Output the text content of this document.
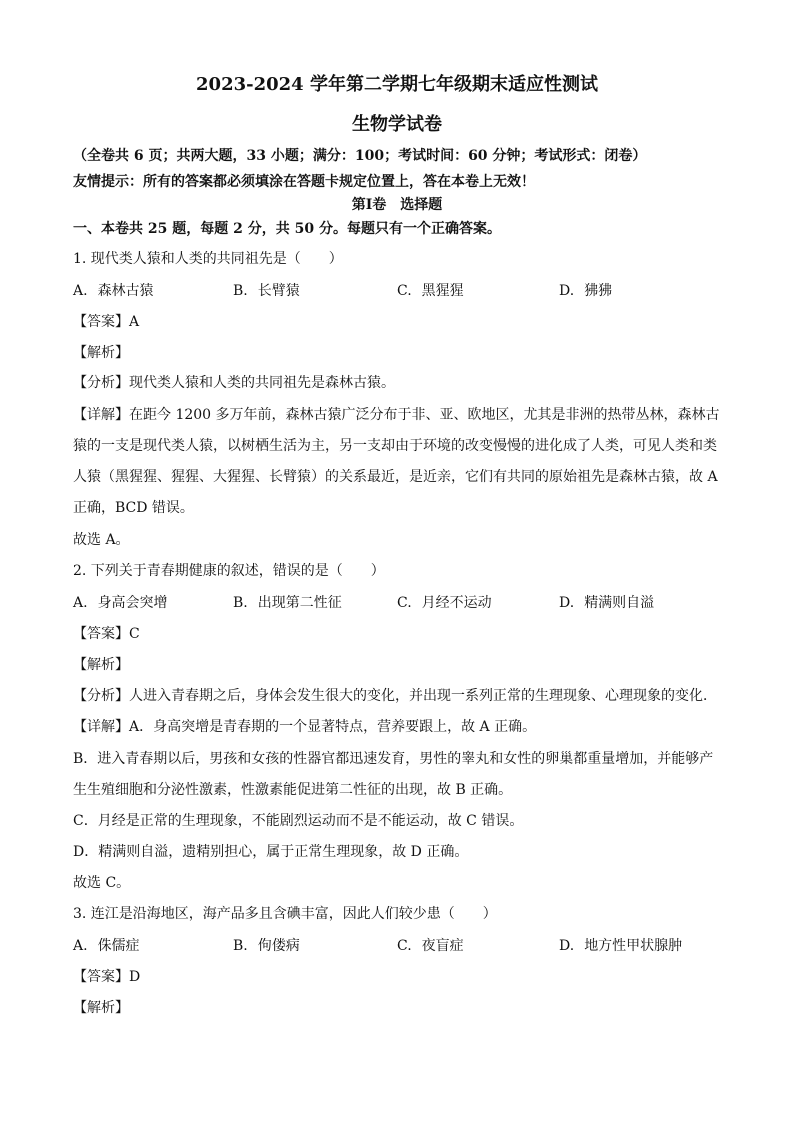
2023-2024 学年第二学期七年级期末适应性测试
生物学试卷
（全卷共 6 页；共两大题，33 小题；满分：100；考试时间：60 分钟；考试形式：闭卷）
友情提示：所有的答案都必须填涂在答题卡规定位置上，答在本卷上无效！
第Ⅰ卷　选择题
一、本卷共 25 题，每题 2 分，共 50 分。每题只有一个正确答案。
1. 现代类人猿和人类的共同祖先是（　　）
A. 森林古猿	B. 长臂猿	C. 黑猩猩	D. 狒狒
【答案】A
【解析】
【分析】现代类人猿和人类的共同祖先是森林古猿。
【详解】在距今 1200 多万年前，森林古猿广泛分布于非、亚、欧地区，尤其是非洲的热带丛林，森林古
猿的一支是现代类人猿，以树栖生活为主，另一支却由于环境的改变慢慢的进化成了人类，可见人类和类
人猿（黑猩猩、猩猩、大猩猩、长臂猿）的关系最近，是近亲，它们有共同的原始祖先是森林古猿，故 A
正确，BCD 错误。
故选 A。
2. 下列关于青春期健康的叙述，错误的是（　　）
A. 身高会突增	B. 出现第二性征	C. 月经不运动	D. 精满则自溢
【答案】C
【解析】
【分析】人进入青春期之后，身体会发生很大的变化，并出现一系列正常的生理现象、心理现象的变化．
【详解】A．身高突增是青春期的一个显著特点，营养要跟上，故 A 正确。
B．进入青春期以后，男孩和女孩的性器官都迅速发育，男性的睾丸和女性的卵巢都重量增加，并能够产
生生殖细胞和分泌性激素，性激素能促进第二性征的出现，故 B 正确。
C．月经是正常的生理现象，不能剧烈运动而不是不能运动，故 C 错误。
D．精满则自溢，遗精别担心，属于正常生理现象，故 D 正确。
故选 C。
3. 连江是沿海地区，海产品多且含碘丰富，因此人们较少患（　　）
A. 侏儒症	B. 佝偻病	C. 夜盲症	D. 地方性甲状腺肿
【答案】D
【解析】
